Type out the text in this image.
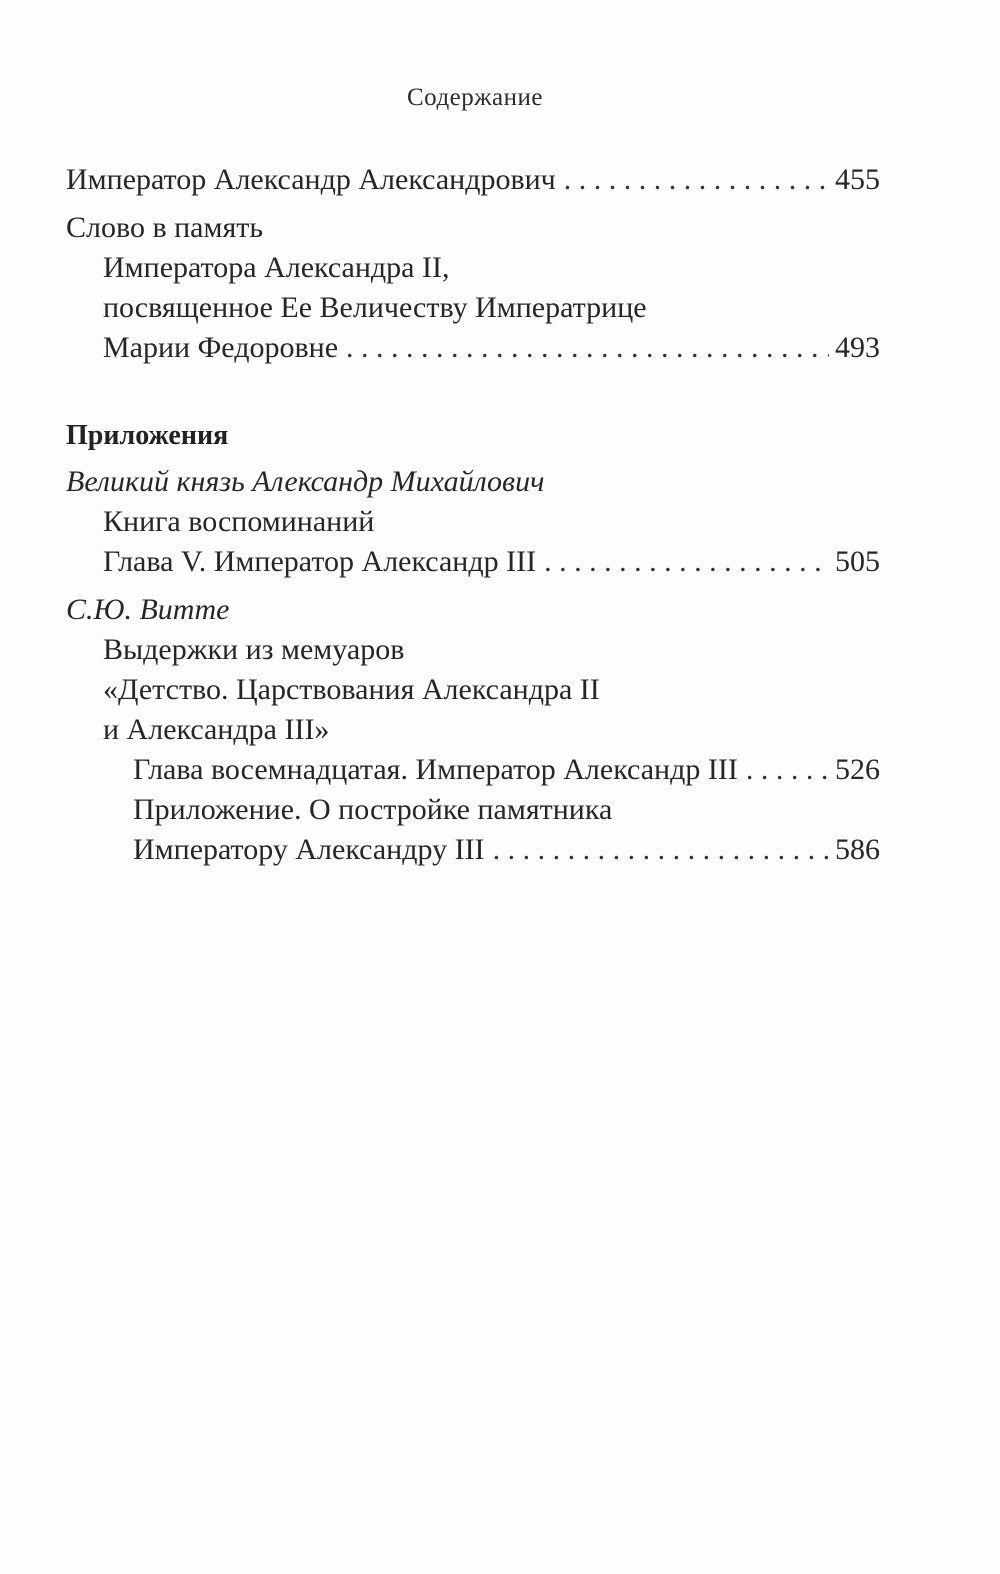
Содержание
Император Александр Александрович . . .	455
Слово в память
Императора Александра II,
посвященное Ее Величеству Императрице
Марии Федоровне . . .	493
Приложения
Великий князь Александр Михайлович
Книга воспоминаний
Глава V. Император Александр III . . .	505
С.Ю. Витте
Выдержки из мемуаров
«Детство. Царствования Александра II
и Александра III»
Глава восемнадцатая. Император Александр III . . .	526
Приложение. О постройке памятника
Императору Александру III . . .	586
